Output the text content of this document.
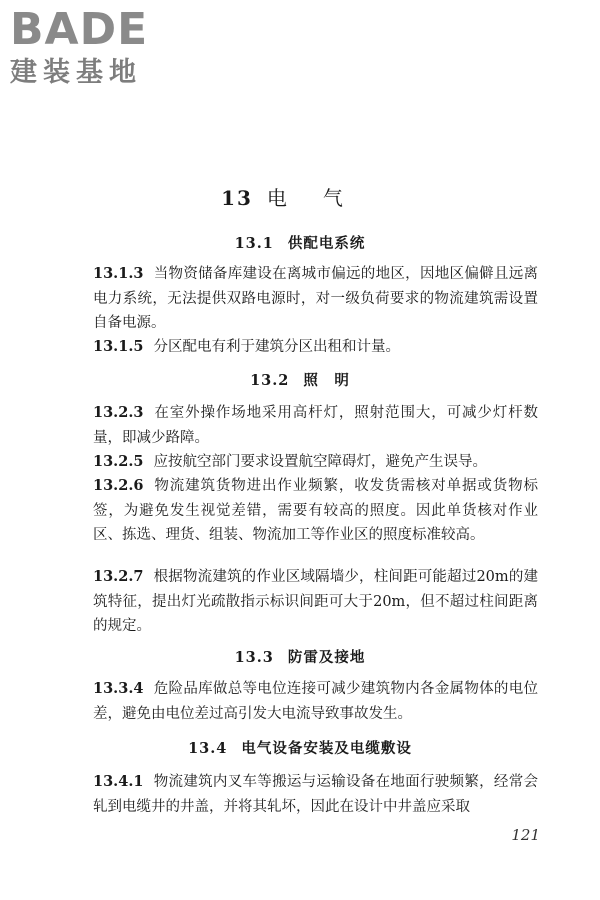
BADE
建装基地
13 电气
13.1 供配电系统
13.1.3 当物资储备库建设在离城市偏远的地区，因地区偏僻且远离电力系统，无法提供双路电源时，对一级负荷要求的物流建筑需设置自备电源。
13.1.5 分区配电有利于建筑分区出租和计量。
13.2 照　明
13.2.3 在室外操作场地采用高杆灯，照射范围大，可减少灯杆数量，即减少路障。
13.2.5 应按航空部门要求设置航空障碍灯，避免产生误导。
13.2.6 物流建筑货物进出作业频繁，收发货需核对单据或货物标签，为避免发生视觉差错，需要有较高的照度。因此单货核对作业区、拣选、理货、组装、物流加工等作业区的照度标准较高。
13.2.7 根据物流建筑的作业区域隔墙少，柱间距可能超过20m的建筑特征，提出灯光疏散指示标识间距可大于20m，但不超过柱间距离的规定。
13.3 防雷及接地
13.3.4 危险品库做总等电位连接可减少建筑物内各金属物体的电位差，避免由电位差过高引发大电流导致事故发生。
13.4 电气设备安装及电缆敷设
13.4.1 物流建筑内叉车等搬运与运输设备在地面行驶频繁，经常会轧到电缆井的井盖，并将其轧坏，因此在设计中井盖应采取
121
